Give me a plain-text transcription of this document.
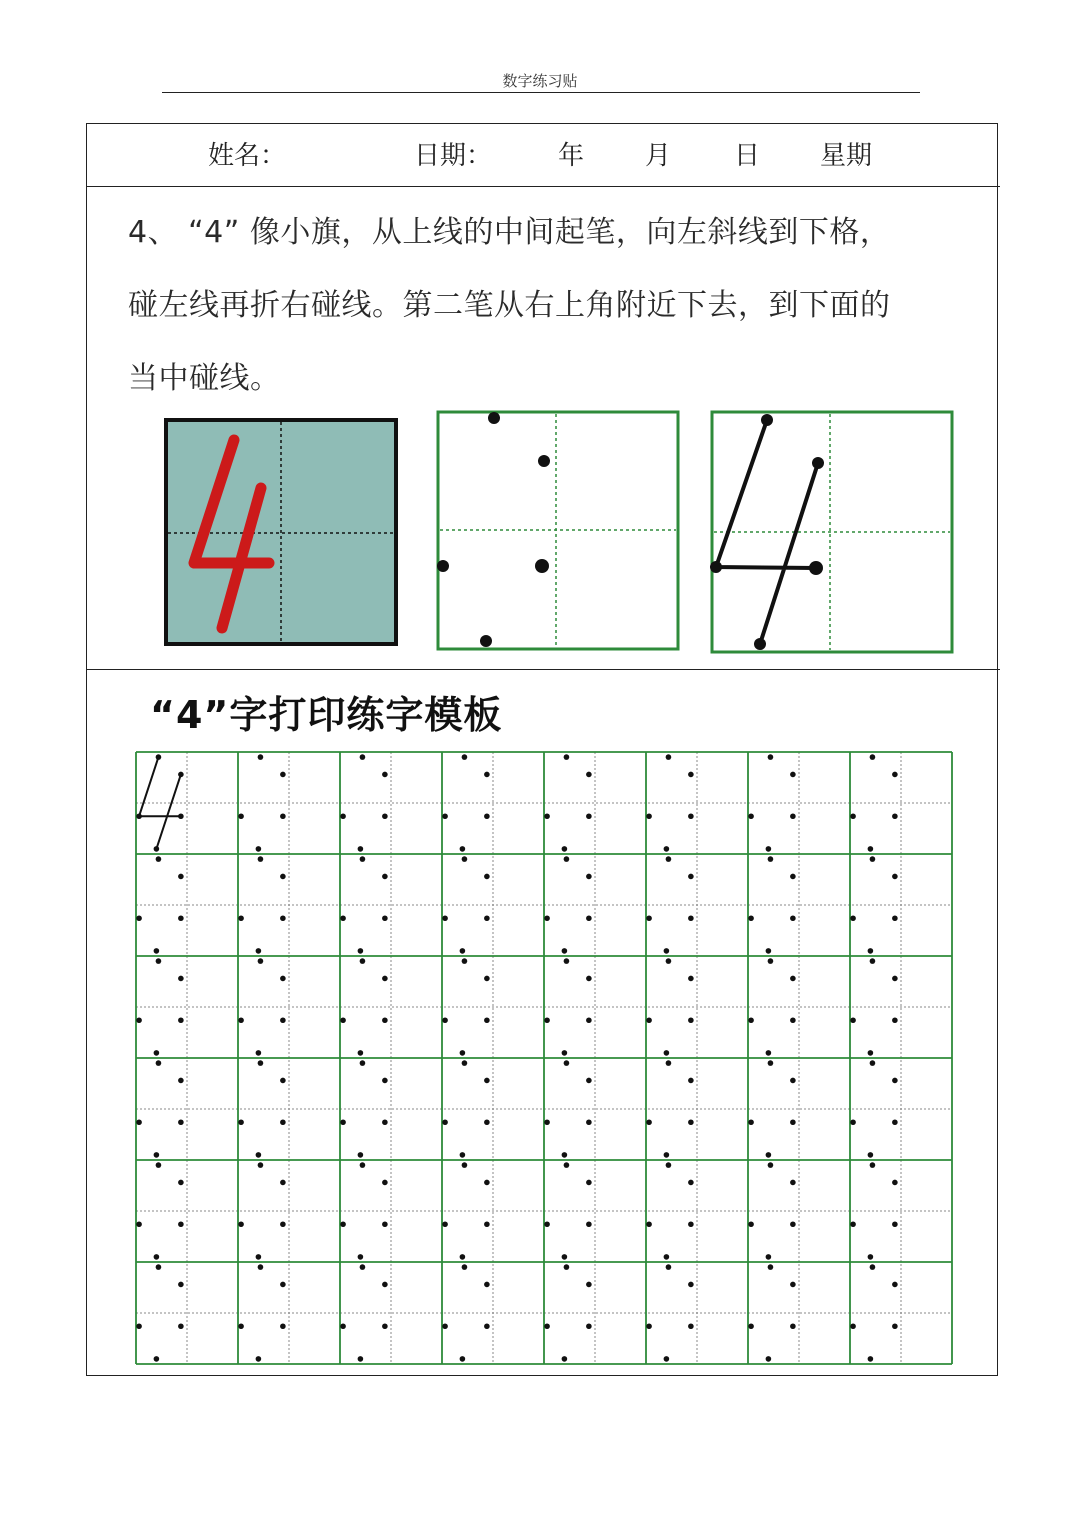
数字练习贴
姓名：	日期：	年 月 日 星期
4、 “4” 像小旗，从上线的中间起笔，向左斜线到下格，
碰左线再折右碰线。第二笔从右上角附近下去，到下面的
当中碰线。
“4”字打印练字模板
